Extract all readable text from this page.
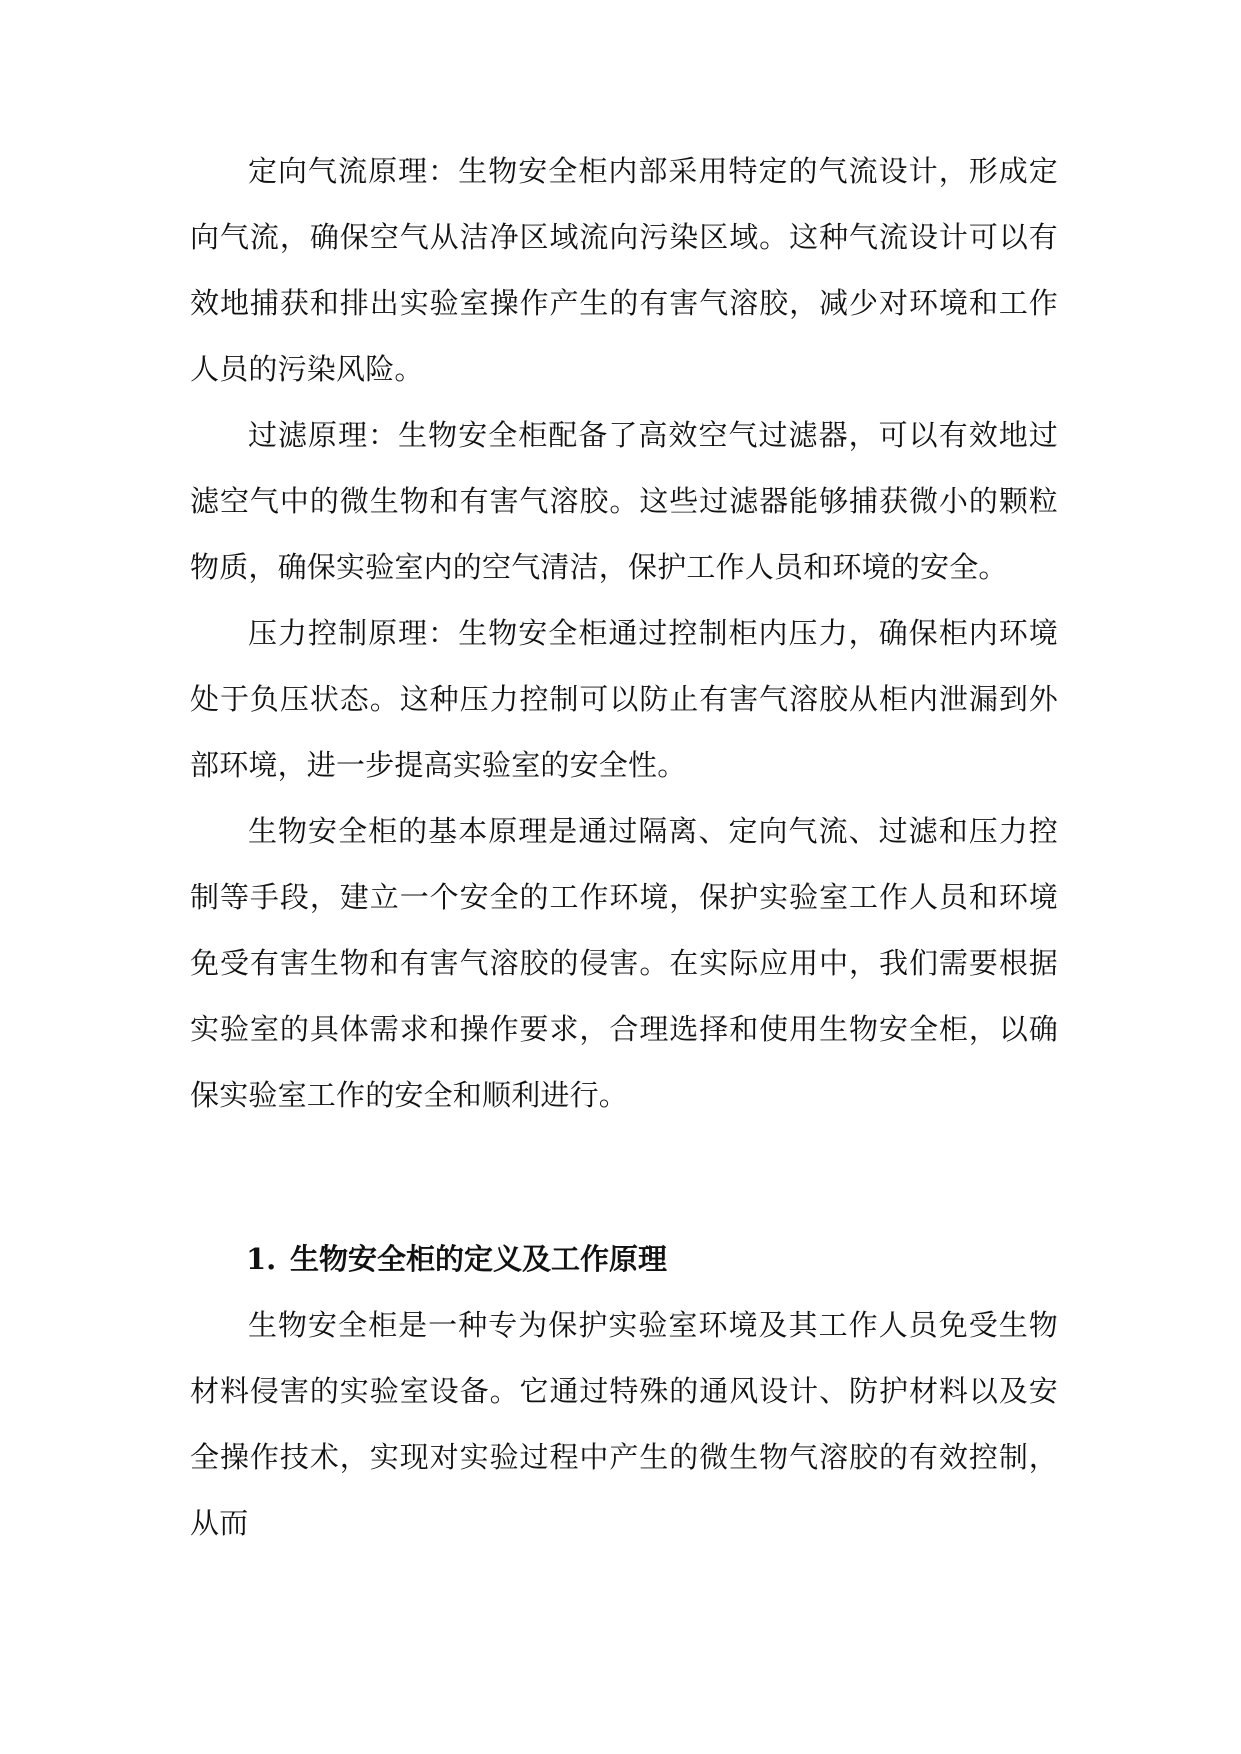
定向气流原理：生物安全柜内部采用特定的气流设计，形成定向气流，确保空气从洁净区域流向污染区域。这种气流设计可以有效地捕获和排出实验室操作产生的有害气溶胶，减少对环境和工作人员的污染风险。

过滤原理：生物安全柜配备了高效空气过滤器，可以有效地过滤空气中的微生物和有害气溶胶。这些过滤器能够捕获微小的颗粒物质，确保实验室内的空气清洁，保护工作人员和环境的安全。

压力控制原理：生物安全柜通过控制柜内压力，确保柜内环境处于负压状态。这种压力控制可以防止有害气溶胶从柜内泄漏到外部环境，进一步提高实验室的安全性。

生物安全柜的基本原理是通过隔离、定向气流、过滤和压力控制等手段，建立一个安全的工作环境，保护实验室工作人员和环境免受有害生物和有害气溶胶的侵害。在实际应用中，我们需要根据实验室的具体需求和操作要求，合理选择和使用生物安全柜，以确保实验室工作的安全和顺利进行。

1. 生物安全柜的定义及工作原理

生物安全柜是一种专为保护实验室环境及其工作人员免受生物材料侵害的实验室设备。它通过特殊的通风设计、防护材料以及安全操作技术，实现对实验过程中产生的微生物气溶胶的有效控制，从而
